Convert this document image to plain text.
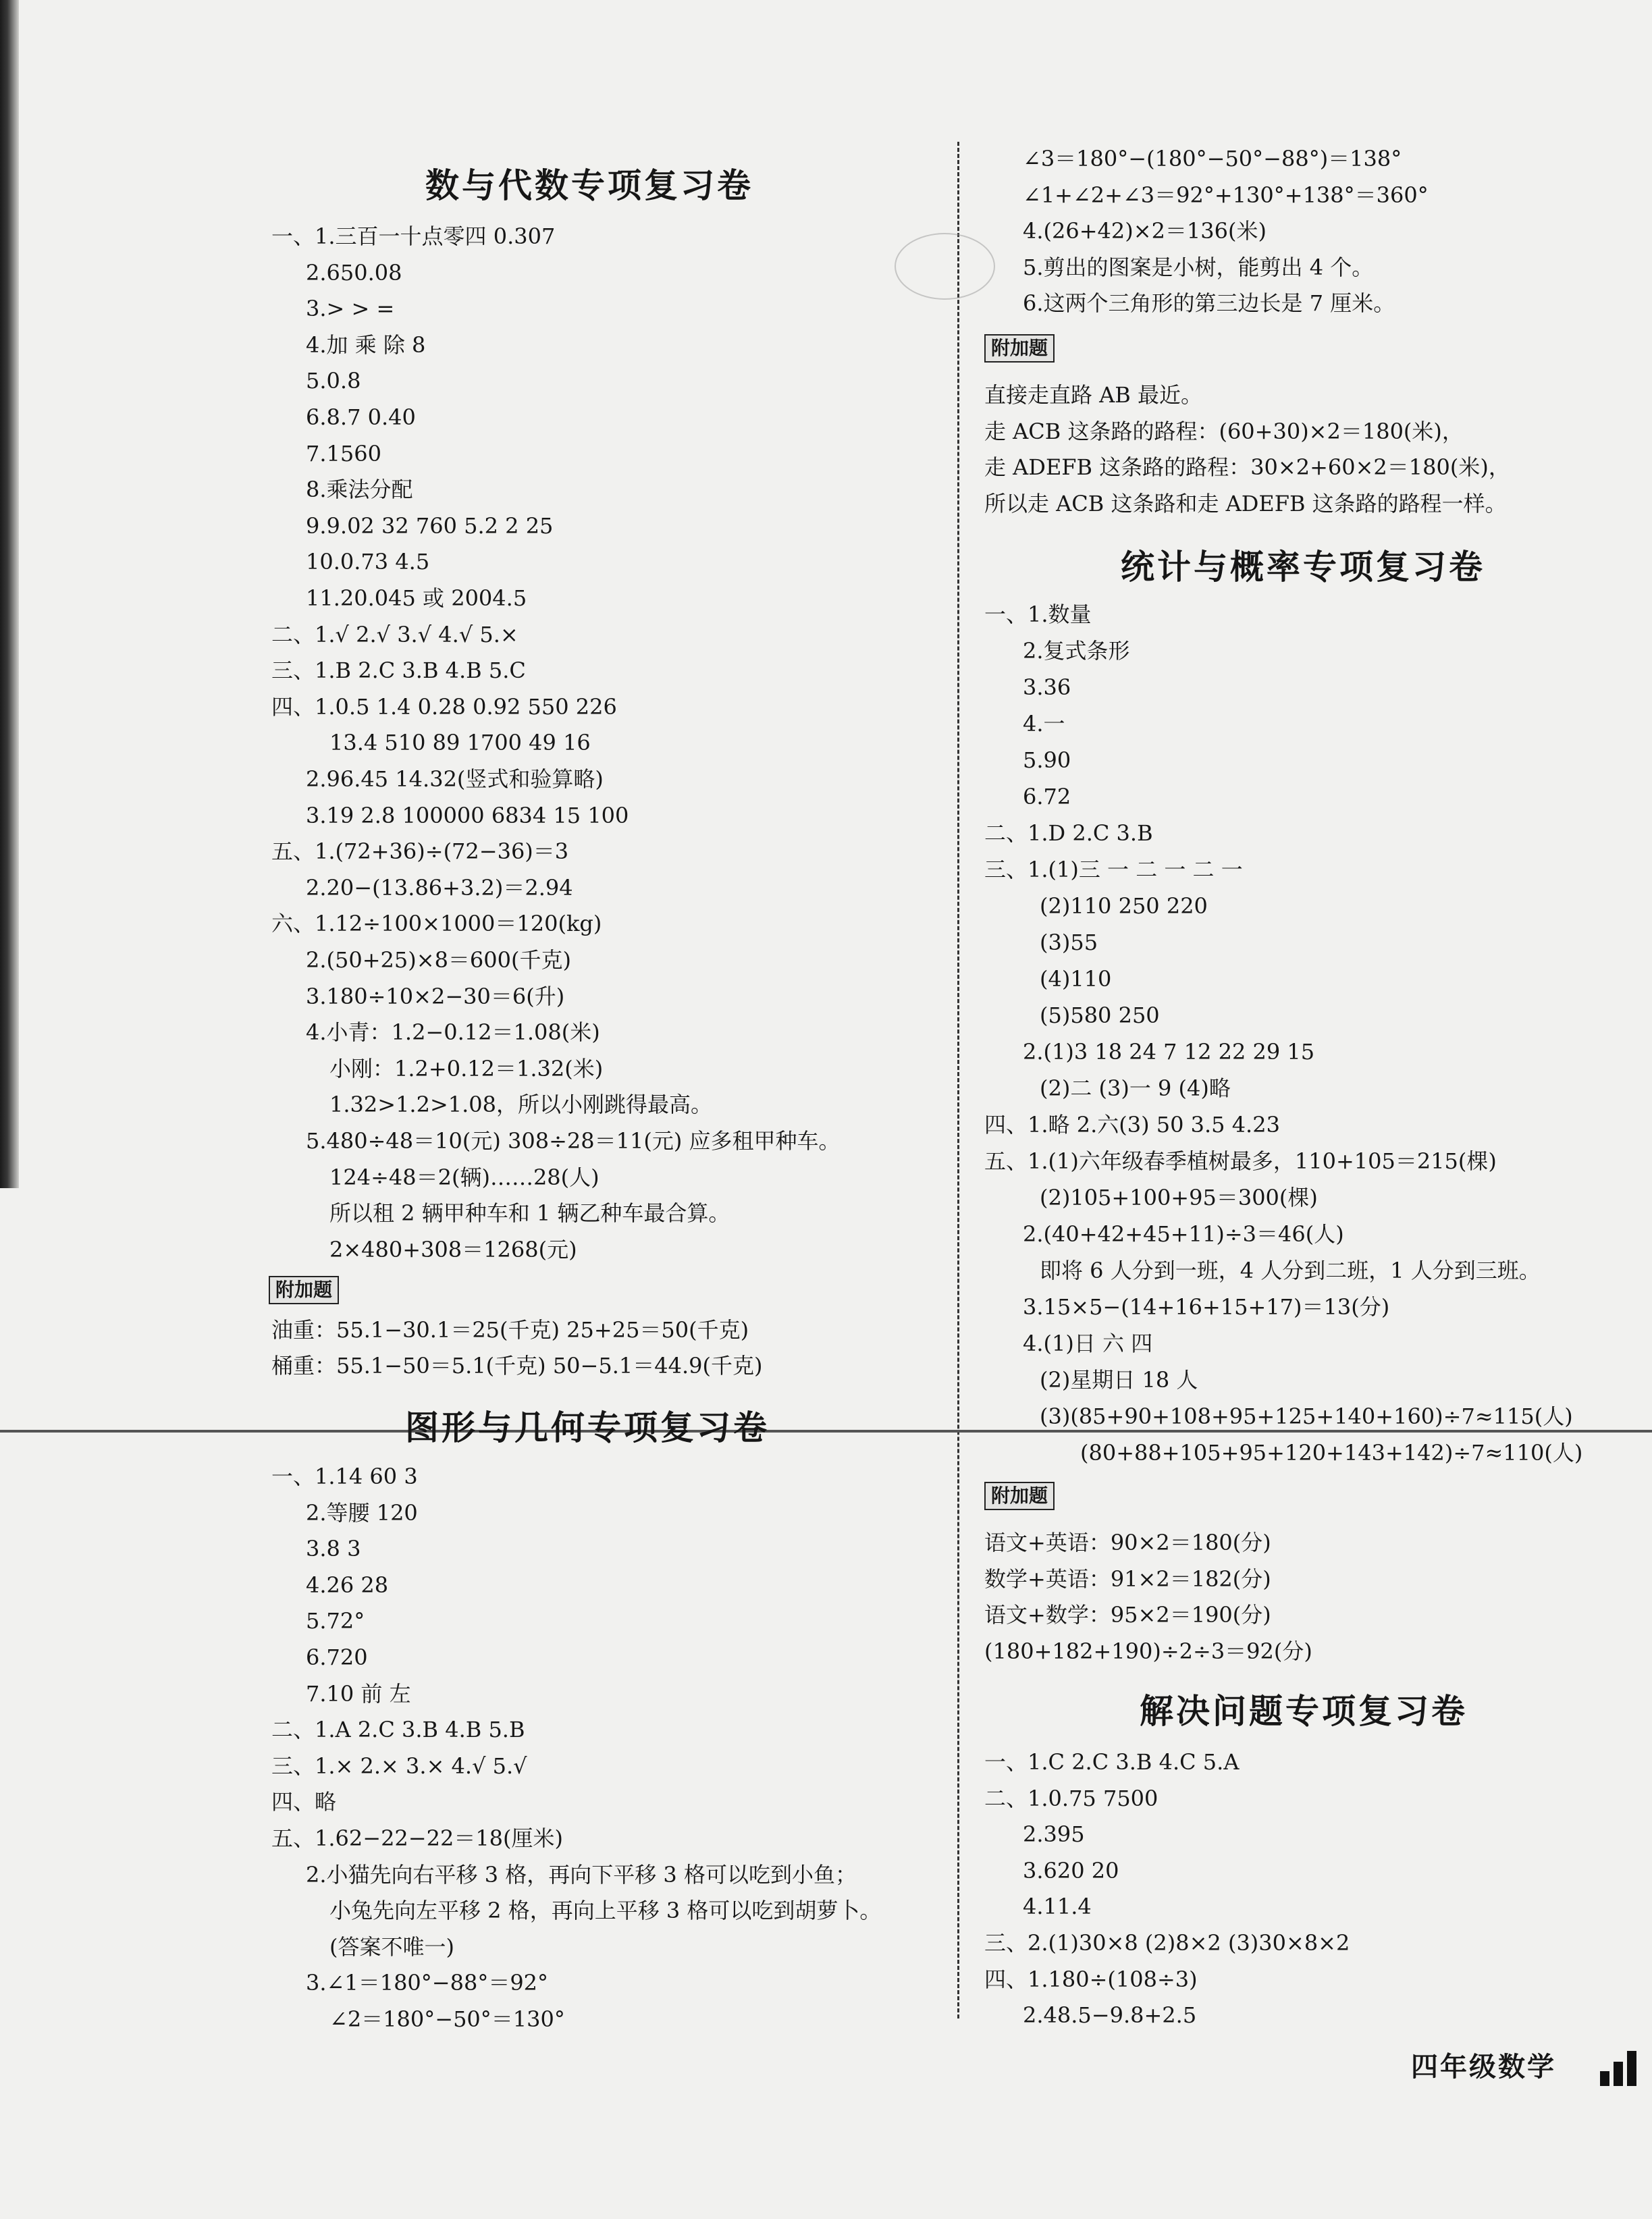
数与代数专项复习卷
一、1.三百一十点零四 0.307
2.650.08
3.> > =
4.加 乘 除 8
5.0.8
6.8.7 0.40
7.1560
8.乘法分配
9.9.02 32 760 5.2 2 25
10.0.73 4.5
11.20.045 或 2004.5
二、1.√ 2.√ 3.√ 4.√ 5.×
三、1.B 2.C 3.B 4.B 5.C
四、1.0.5 1.4 0.28 0.92 550 226
13.4 510 89 1700 49 16
2.96.45 14.32(竖式和验算略)
3.19 2.8 100000 6834 15 100
五、1.(72+36)÷(72−36)＝3
2.20−(13.86+3.2)＝2.94
六、1.12÷100×1000＝120(kg)
2.(50+25)×8＝600(千克)
3.180÷10×2−30＝6(升)
4.小青：1.2−0.12＝1.08(米)
小刚：1.2+0.12＝1.32(米)
1.32>1.2>1.08，所以小刚跳得最高。
5.480÷48＝10(元) 308÷28＝11(元) 应多租甲种车。
124÷48＝2(辆)……28(人)
所以租 2 辆甲种车和 1 辆乙种车最合算。
2×480+308＝1268(元)
附加题
油重：55.1−30.1＝25(千克) 25+25＝50(千克)
桶重：55.1−50＝5.1(千克) 50−5.1＝44.9(千克)
图形与几何专项复习卷
一、1.14 60 3
2.等腰 120
3.8 3
4.26 28
5.72°
6.720
7.10 前 左
二、1.A 2.C 3.B 4.B 5.B
三、1.× 2.× 3.× 4.√ 5.√
四、略
五、1.62−22−22＝18(厘米)
2.小猫先向右平移 3 格，再向下平移 3 格可以吃到小鱼；
小兔先向左平移 2 格，再向上平移 3 格可以吃到胡萝卜。
(答案不唯一)
3.∠1＝180°−88°＝92°
∠2＝180°−50°＝130°
∠3＝180°−(180°−50°−88°)＝138°
∠1+∠2+∠3＝92°+130°+138°＝360°
4.(26+42)×2＝136(米)
5.剪出的图案是小树，能剪出 4 个。
6.这两个三角形的第三边长是 7 厘米。
附加题
直接走直路 AB 最近。
走 ACB 这条路的路程：(60+30)×2＝180(米)，
走 ADEFB 这条路的路程：30×2+60×2＝180(米)，
所以走 ACB 这条路和走 ADEFB 这条路的路程一样。
统计与概率专项复习卷
一、1.数量
2.复式条形
3.36
4.一
5.90
6.72
二、1.D 2.C 3.B
三、1.(1)三 一 二 一 二 一
(2)110 250 220
(3)55
(4)110
(5)580 250
2.(1)3 18 24 7 12 22 29 15
(2)二 (3)一 9 (4)略
四、1.略 2.六(3) 50 3.5 4.23
五、1.(1)六年级春季植树最多，110+105＝215(棵)
(2)105+100+95＝300(棵)
2.(40+42+45+11)÷3＝46(人)
即将 6 人分到一班，4 人分到二班，1 人分到三班。
3.15×5−(14+16+15+17)＝13(分)
4.(1)日 六 四
(2)星期日 18 人
(3)(85+90+108+95+125+140+160)÷7≈115(人)
(80+88+105+95+120+143+142)÷7≈110(人)
附加题
语文+英语：90×2＝180(分)
数学+英语：91×2＝182(分)
语文+数学：95×2＝190(分)
(180+182+190)÷2÷3＝92(分)
解决问题专项复习卷
一、1.C 2.C 3.B 4.C 5.A
二、1.0.75 7500
2.395
3.620 20
4.11.4
三、2.(1)30×8 (2)8×2 (3)30×8×2
四、1.180÷(108÷3)
2.48.5−9.8+2.5
四年级数学
